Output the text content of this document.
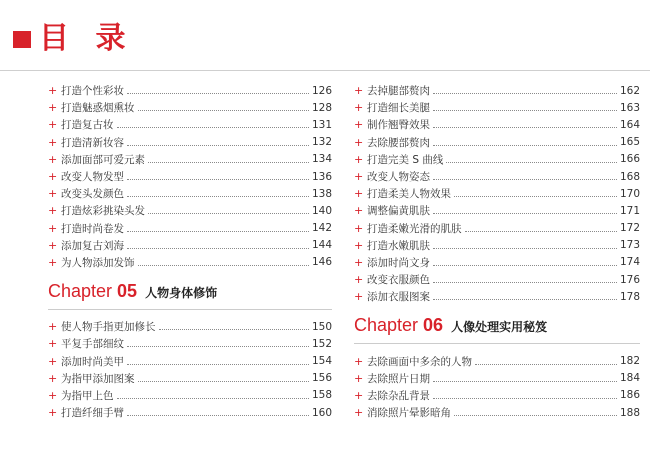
目 录
+ 打造个性彩妆	126
+ 打造魅惑烟熏妆	128
+ 打造复古妆	131
+ 打造清新妆容	132
+ 添加面部可爱元素	134
+ 改变人物发型	136
+ 改变头发颜色	138
+ 打造炫彩挑染头发	140
+ 打造时尚卷发	142
+ 添加复古刘海	144
+ 为人物添加发饰	146
Chapter 05 人物身体修饰
+ 使人物手指更加修长	150
+ 平复手部细纹	152
+ 添加时尚美甲	154
+ 为指甲添加图案	156
+ 为指甲上色	158
+ 打造纤细手臂	160
+ 去掉腿部赘肉	162
+ 打造细长美腿	163
+ 制作翘臀效果	164
+ 去除腰部赘肉	165
+ 打造完美 S 曲线	166
+ 改变人物姿态	168
+ 打造柔美人物效果	170
+ 调整偏黄肌肤	171
+ 打造柔嫩光滑的肌肤	172
+ 打造水嫩肌肤	173
+ 添加时尚文身	174
+ 改变衣服颜色	176
+ 添加衣服图案	178
Chapter 06 人像处理实用秘笈
+ 去除画面中多余的人物	182
+ 去除照片日期	184
+ 去除杂乱背景	186
+ 消除照片晕影暗角	188
